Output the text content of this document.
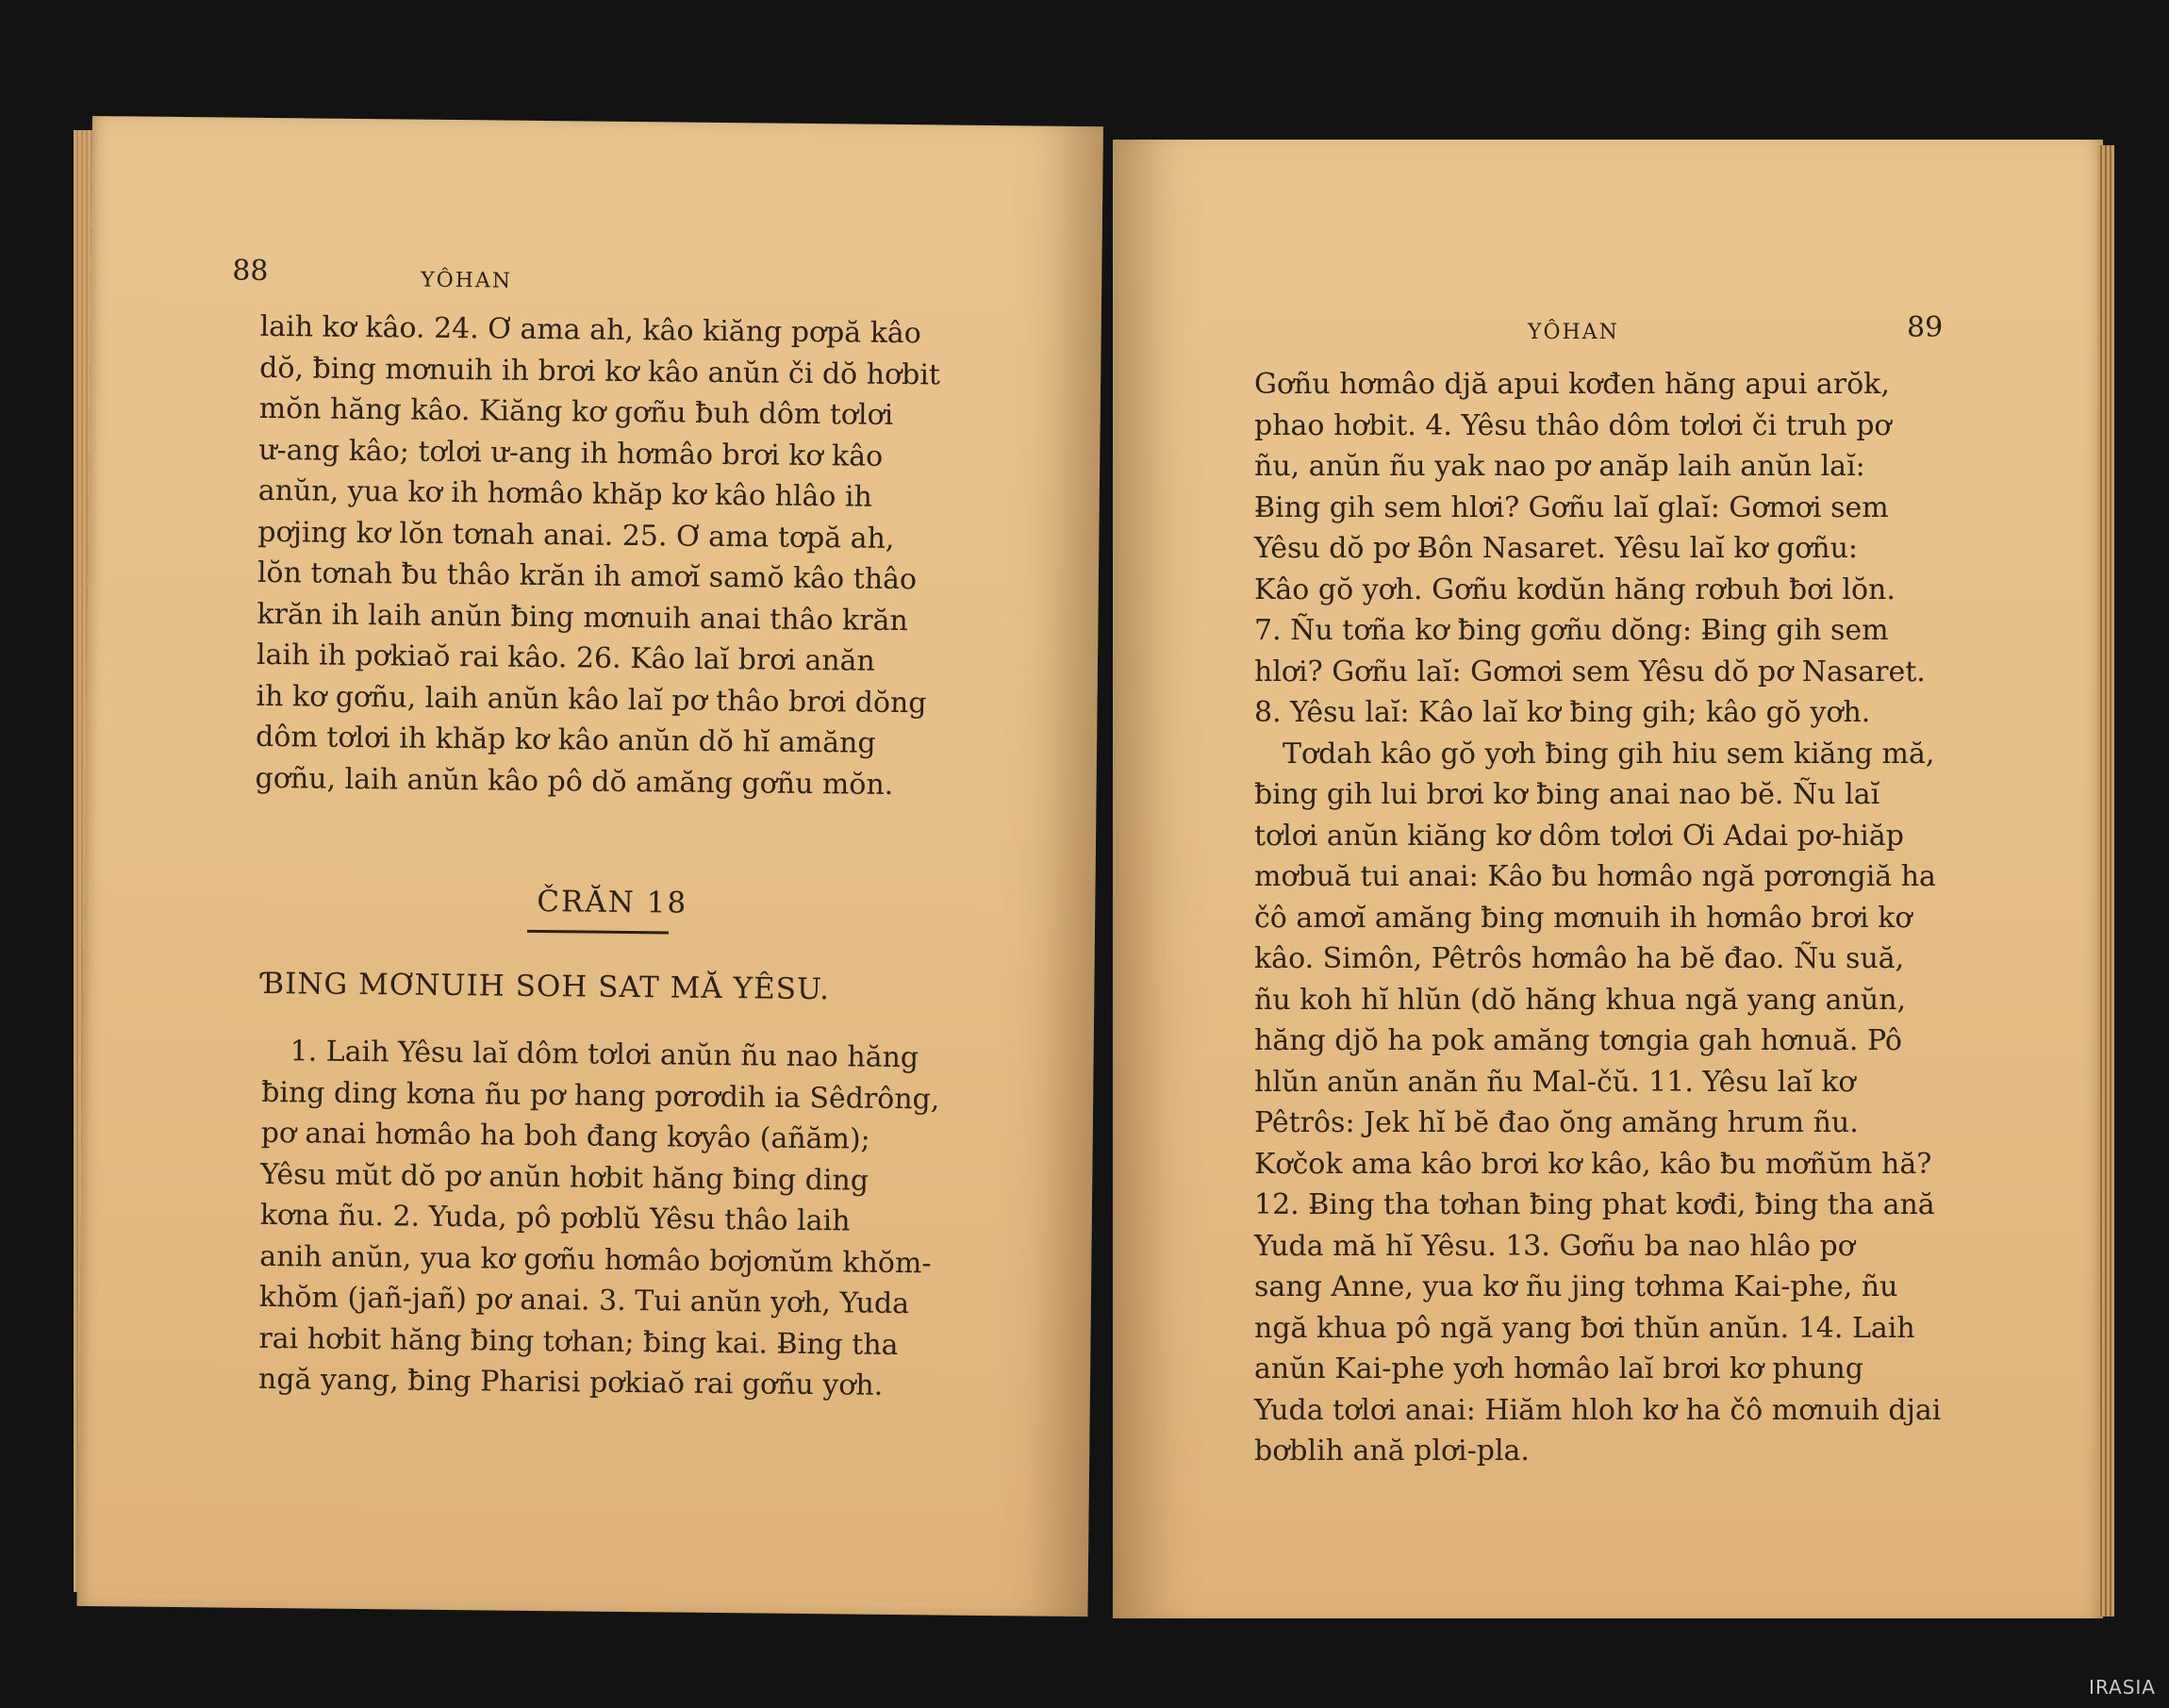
88	YÔHAN
laih kơ kâo. 24. Ơ ama ah, kâo kiăng pơpă kâo
dŏ, ƀing mơnuih ih brơi kơ kâo anŭn či dŏ hơbit
mŏn hăng kâo. Kiăng kơ gơñu ƀuh dôm tơlơi
ư-ang kâo; tơlơi ư-ang ih hơmâo brơi kơ kâo
anŭn, yua kơ ih hơmâo khăp kơ kâo hlâo ih
pơjing kơ lŏn tơnah anai. 25. Ơ ama tơpă ah,
lŏn tơnah ƀu thâo krăn ih amơĭ samŏ kâo thâo
krăn ih laih anŭn ƀing mơnuih anai thâo krăn
laih ih pơkiaŏ rai kâo. 26. Kâo laĭ brơi anăn
ih kơ gơñu, laih anŭn kâo laĭ pơ thâo brơi dŏng
dôm tơlơi ih khăp kơ kâo anŭn dŏ hĭ amăng
gơñu, laih anŭn kâo pô dŏ amăng gơñu mŏn.
ČRĂN 18
ƁING MƠNUIH SOH SAT MĂ YÊSU.
1. Laih Yêsu laĭ dôm tơlơi anŭn ñu nao hăng
ƀing ding kơna ñu pơ hang pơrơdih ia Sêdrông,
pơ anai hơmâo ha boh đang kơyâo (añăm);
Yêsu mŭt dŏ pơ anŭn hơbit hăng ƀing ding
kơna ñu. 2. Yuda, pô pơblŭ Yêsu thâo laih
anih anŭn, yua kơ gơñu hơmâo bơjơnŭm khŏm-
khŏm (jañ-jañ) pơ anai. 3. Tui anŭn yơh, Yuda
rai hơbit hăng ƀing tơhan; ƀing kai. Ƀing tha
ngă yang, ƀing Pharisi pơkiaŏ rai gơñu yơh.
YÔHAN	89
Gơñu hơmâo djă apui kơđen hăng apui arŏk,
phao hơbit. 4. Yêsu thâo dôm tơlơi či truh pơ
ñu, anŭn ñu yak nao pơ anăp laih anŭn laĭ:
Ƀing gih sem hlơi? Gơñu laĭ glaĭ: Gơmơi sem
Yêsu dŏ pơ Ƀôn Nasaret. Yêsu laĭ kơ gơñu:
Kâo gŏ yơh. Gơñu kơdŭn hăng rơbuh ƀơi lŏn.
7. Ñu tơña kơ ƀing gơñu dŏng: Ƀing gih sem
hlơi? Gơñu laĭ: Gơmơi sem Yêsu dŏ pơ Nasaret.
8. Yêsu laĭ: Kâo laĭ kơ ƀing gih; kâo gŏ yơh.
Tơdah kâo gŏ yơh ƀing gih hiu sem kiăng mă,
ƀing gih lui brơi kơ ƀing anai nao bĕ. Ñu laĭ
tơlơi anŭn kiăng kơ dôm tơlơi Ơi Adai pơ-hiăp
mơbuă tui anai: Kâo ƀu hơmâo ngă pơrơngiă ha
čô amơĭ amăng ƀing mơnuih ih hơmâo brơi kơ
kâo. Simôn, Pêtrôs hơmâo ha bĕ đao. Ñu suă,
ñu koh hĭ hlŭn (dŏ hăng khua ngă yang anŭn,
hăng djŏ ha pok amăng tơngia gah hơnuă. Pô
hlŭn anŭn anăn ñu Mal-čŭ. 11. Yêsu laĭ kơ
Pêtrôs: Jek hĭ bĕ đao ŏng amăng hrum ñu.
Kơčok ama kâo brơi kơ kâo, kâo ƀu mơñŭm hă?
12. Ƀing tha tơhan ƀing phat kơđi, ƀing tha ană
Yuda mă hĭ Yêsu. 13. Gơñu ba nao hlâo pơ
sang Anne, yua kơ ñu jing tơhma Kai-phe, ñu
ngă khua pô ngă yang ƀơi thŭn anŭn. 14. Laih
anŭn Kai-phe yơh hơmâo laĭ brơi kơ phung
Yuda tơlơi anai: Hiăm hloh kơ ha čô mơnuih djai
bơblih ană plơi-pla.
IRASIA
